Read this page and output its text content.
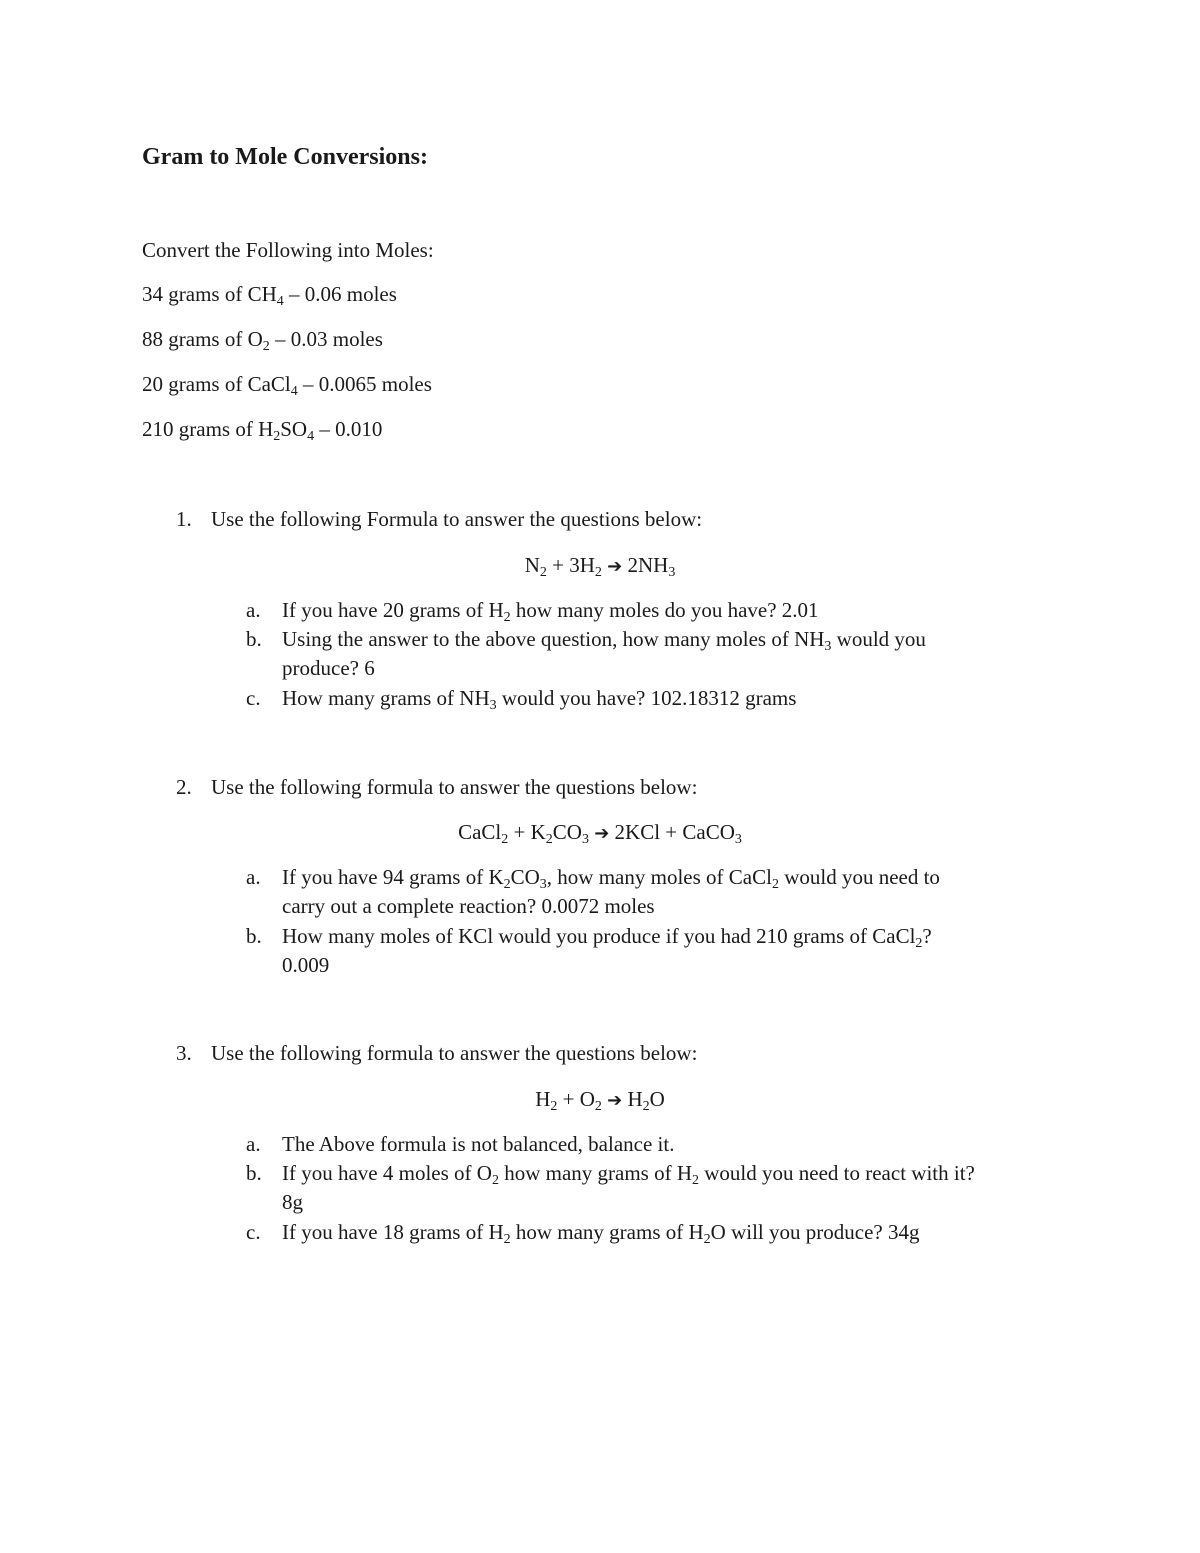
Gram to Mole Conversions:
Convert the Following into Moles:
34 grams of $CH_4 - 0.06$ moles
88 grams of $O_2 - 0.03$ moles
20 grams of CaCl$_4$ – 0.0065 moles
210 grams of $H_2SO_4 - 0.010$
1. Use the following Formula to answer the questions below:
$N_2 + 3H_2$ ➔ $2NH_3$
a. If you have 20 grams of $H_2$ how many moles do you have? 2.01
b. Using the answer to the above question, how many moles of $NH_3$ would you
produce? 6
c. How many grams of $NH_3$ would you have? 102.18312 grams
2. Use the following formula to answer the questions below:
CaCl$_2$ + $K_2CO_3$ ➔ 2KCl + CaCO$_3$
a. If you have 94 grams of $K_2CO_3$, how many moles of CaCl$_2$ would you need to
carry out a complete reaction? 0.0072 moles
b. How many moles of KCl would you produce if you had 210 grams of CaCl$_2$?
0.009
3. Use the following formula to answer the questions below:
$H_2 + O_2$ ➔ $H_2O$
a. The Above formula is not balanced, balance it.
b. If you have 4 moles of $O_2$ how many grams of $H_2$ would you need to react with it?
8g
c. If you have 18 grams of $H_2$ how many grams of $H_2O$ will you produce? 34g
